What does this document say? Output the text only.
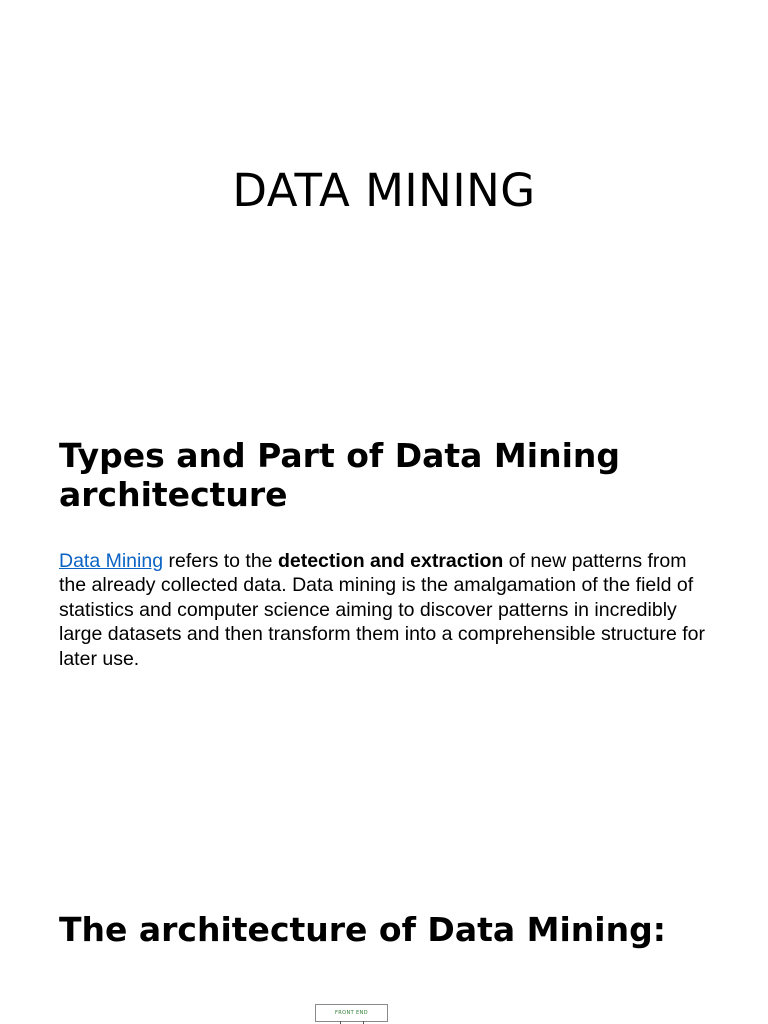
DATA MINING
Types and Part of Data Mining architecture

Data Mining refers to the detection and extraction of new patterns from the already collected data. Data mining is the amalgamation of the field of statistics and computer science aiming to discover patterns in incredibly large datasets and then transform them into a comprehensible structure for later use.

The architecture of Data Mining:
FRONT END
